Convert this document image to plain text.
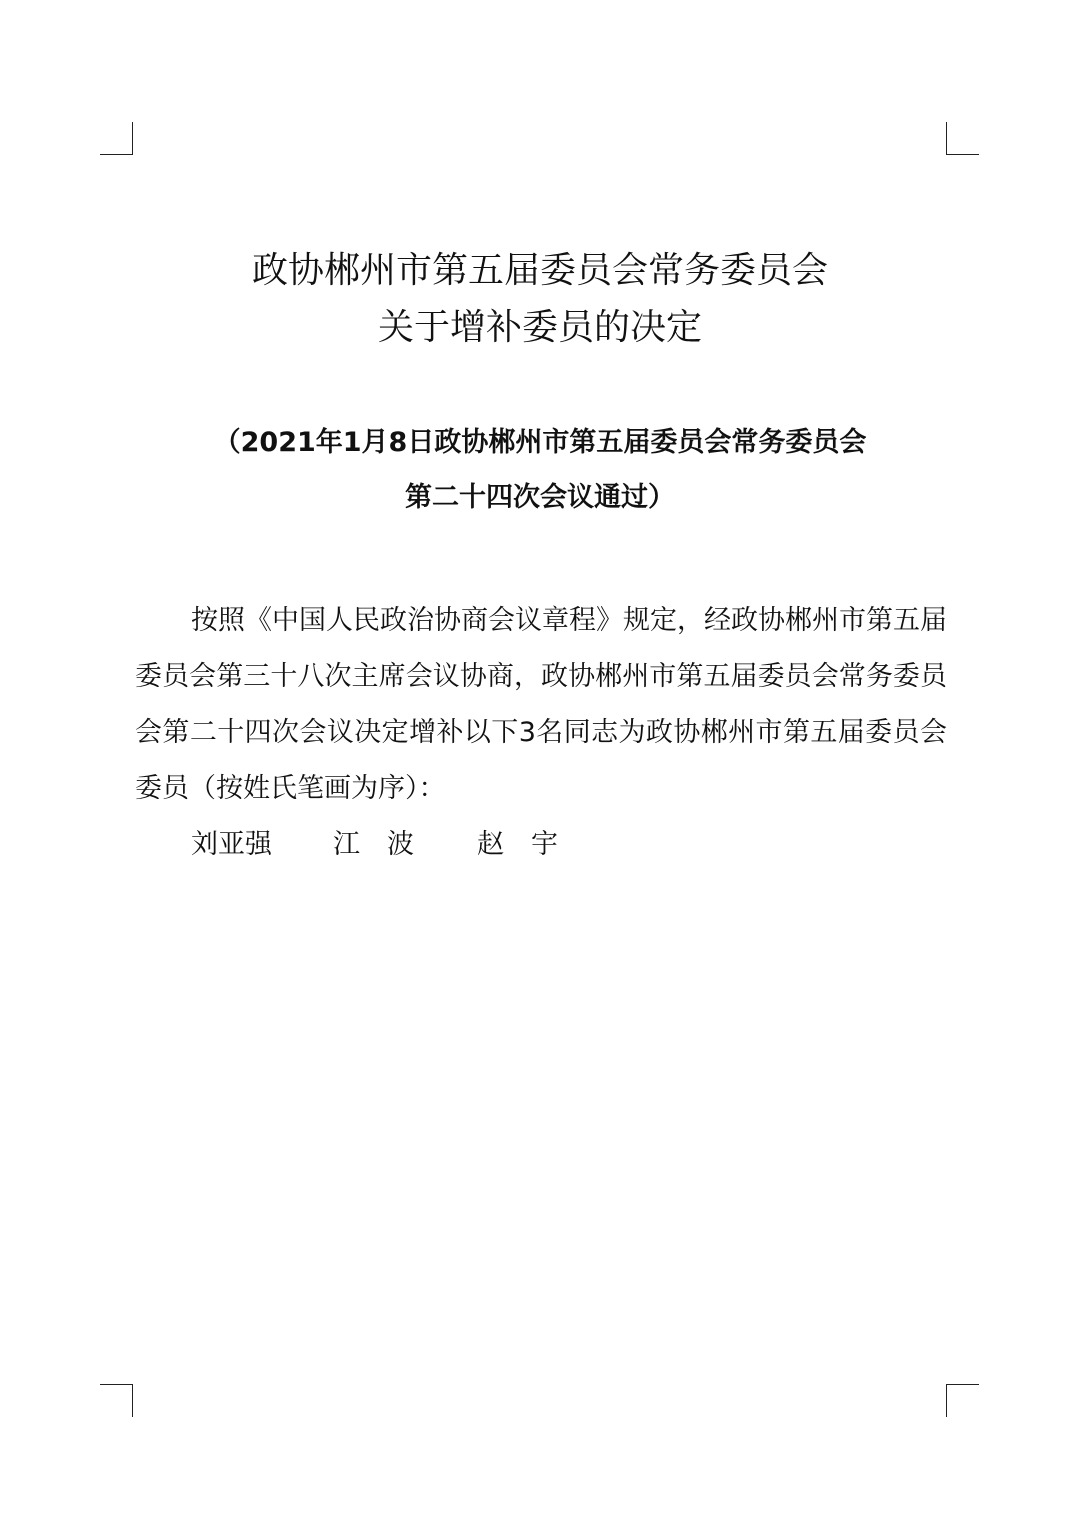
政协郴州市第五届委员会常务委员会
关于增补委员的决定
（2021年1月8日政协郴州市第五届委员会常务委员会
第二十四次会议通过）

按照《中国人民政治协商会议章程》规定，经政协郴州市第五届委员会第三十八次主席会议协商，政协郴州市第五届委员会常务委员会第二十四次会议决定增补以下3名同志为政协郴州市第五届委员会委员（按姓氏笔画为序）：

刘亚强	江波	赵宇
